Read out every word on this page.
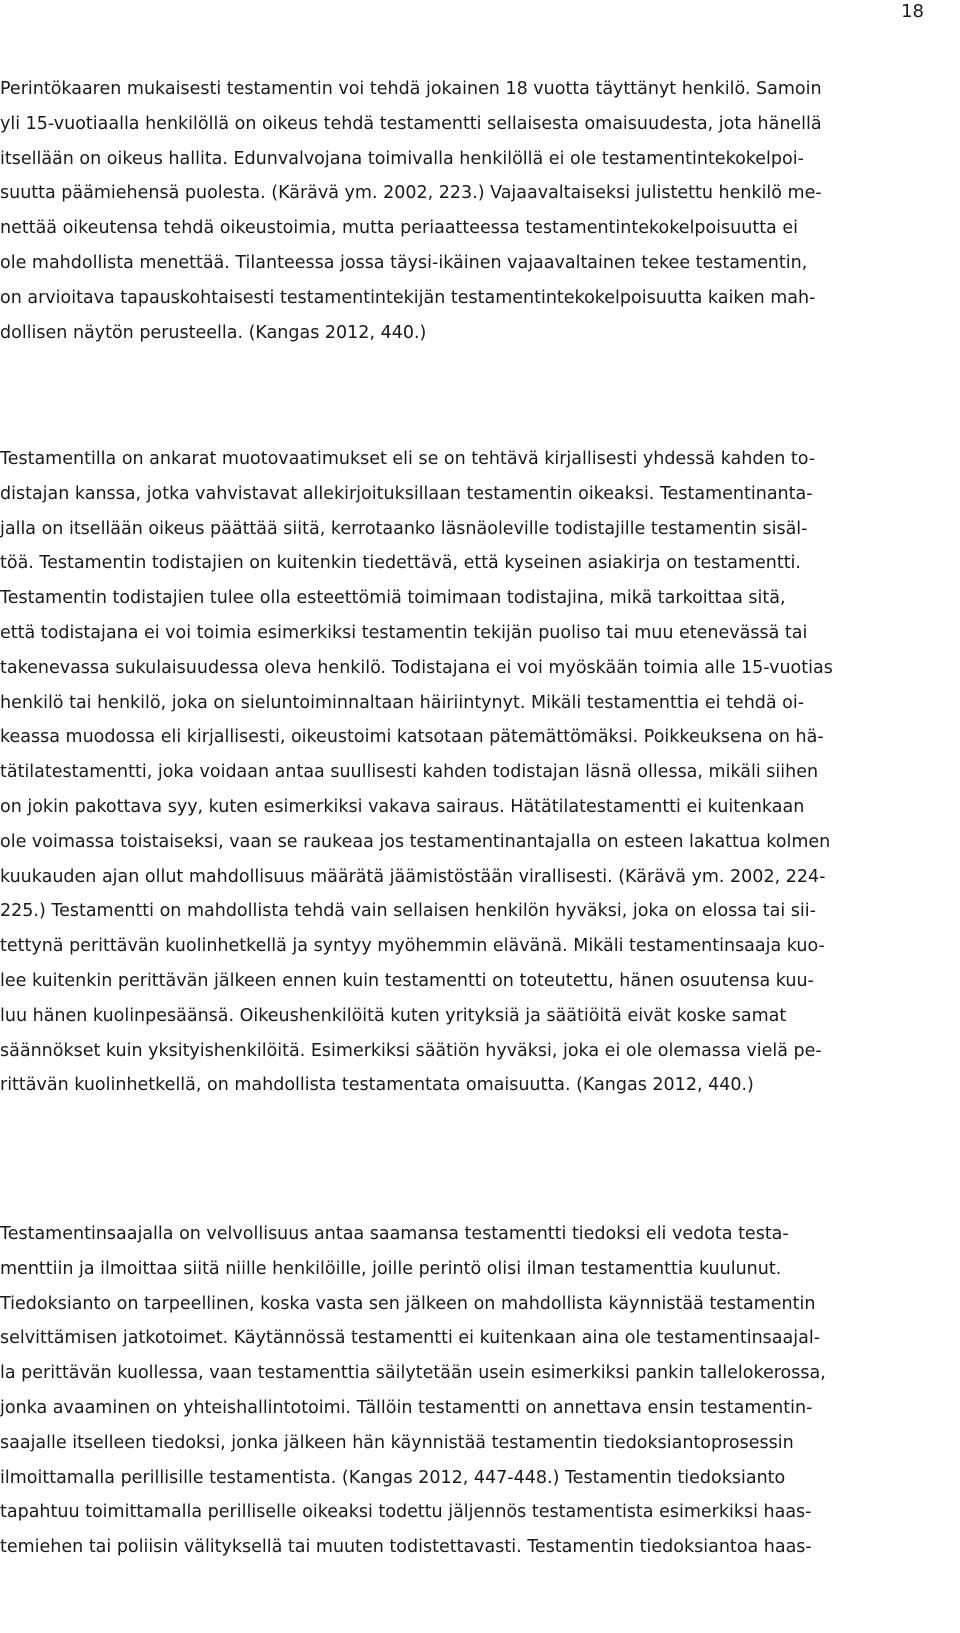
18
Perintökaaren mukaisesti testamentin voi tehdä jokainen 18 vuotta täyttänyt henkilö. Samoin
yli 15-vuotiaalla henkilöllä on oikeus tehdä testamentti sellaisesta omaisuudesta, jota hänellä
itsellään on oikeus hallita. Edunvalvojana toimivalla henkilöllä ei ole testamentintekokelpoi-
suutta päämiehensä puolesta. (Kärävä ym. 2002, 223.) Vajaavaltaiseksi julistettu henkilö me-
nettää oikeutensa tehdä oikeustoimia, mutta periaatteessa testamentintekokelpoisuutta ei
ole mahdollista menettää. Tilanteessa jossa täysi-ikäinen vajaavaltainen tekee testamentin,
on arvioitava tapauskohtaisesti testamentintekijän testamentintekokelpoisuutta kaiken mah-
dollisen näytön perusteella. (Kangas 2012, 440.)
Testamentilla on ankarat muotovaatimukset eli se on tehtävä kirjallisesti yhdessä kahden to-
distajan kanssa, jotka vahvistavat allekirjoituksillaan testamentin oikeaksi. Testamentinanta-
jalla on itsellään oikeus päättää siitä, kerrotaanko läsnäoleville todistajille testamentin sisäl-
töä. Testamentin todistajien on kuitenkin tiedettävä, että kyseinen asiakirja on testamentti.
Testamentin todistajien tulee olla esteettömiä toimimaan todistajina, mikä tarkoittaa sitä,
että todistajana ei voi toimia esimerkiksi testamentin tekijän puoliso tai muu etenevässä tai
takenevassa sukulaisuudessa oleva henkilö. Todistajana ei voi myöskään toimia alle 15-vuotias
henkilö tai henkilö, joka on sieluntoiminnaltaan häiriintynyt. Mikäli testamenttia ei tehdä oi-
keassa muodossa eli kirjallisesti, oikeustoimi katsotaan pätemättömäksi. Poikkeuksena on hä-
tätilatestamentti, joka voidaan antaa suullisesti kahden todistajan läsnä ollessa, mikäli siihen
on jokin pakottava syy, kuten esimerkiksi vakava sairaus. Hätätilatestamentti ei kuitenkaan
ole voimassa toistaiseksi, vaan se raukeaa jos testamentinantajalla on esteen lakattua kolmen
kuukauden ajan ollut mahdollisuus määrätä jäämistöstään virallisesti. (Kärävä ym. 2002, 224-
225.) Testamentti on mahdollista tehdä vain sellaisen henkilön hyväksi, joka on elossa tai sii-
tettynä perittävän kuolinhetkellä ja syntyy myöhemmin elävänä. Mikäli testamentinsaaja kuo-
lee kuitenkin perittävän jälkeen ennen kuin testamentti on toteutettu, hänen osuutensa kuu-
luu hänen kuolinpesäänsä. Oikeushenkilöitä kuten yrityksiä ja säätiöitä eivät koske samat
säännökset kuin yksityishenkilöitä. Esimerkiksi säätiön hyväksi, joka ei ole olemassa vielä pe-
rittävän kuolinhetkellä, on mahdollista testamentata omaisuutta. (Kangas 2012, 440.)
Testamentinsaajalla on velvollisuus antaa saamansa testamentti tiedoksi eli vedota testa-
menttiin ja ilmoittaa siitä niille henkilöille, joille perintö olisi ilman testamenttia kuulunut.
Tiedoksianto on tarpeellinen, koska vasta sen jälkeen on mahdollista käynnistää testamentin
selvittämisen jatkotoimet. Käytännössä testamentti ei kuitenkaan aina ole testamentinsaajal-
la perittävän kuollessa, vaan testamenttia säilytetään usein esimerkiksi pankin tallelokerossa,
jonka avaaminen on yhteishallintotoimi. Tällöin testamentti on annettava ensin testamentin-
saajalle itselleen tiedoksi, jonka jälkeen hän käynnistää testamentin tiedoksiantoprosessin
ilmoittamalla perillisille testamentista. (Kangas 2012, 447-448.) Testamentin tiedoksianto
tapahtuu toimittamalla perilliselle oikeaksi todettu jäljennös testamentista esimerkiksi haas-
temiehen tai poliisin välityksellä tai muuten todistettavasti. Testamentin tiedoksiantoa haas-
